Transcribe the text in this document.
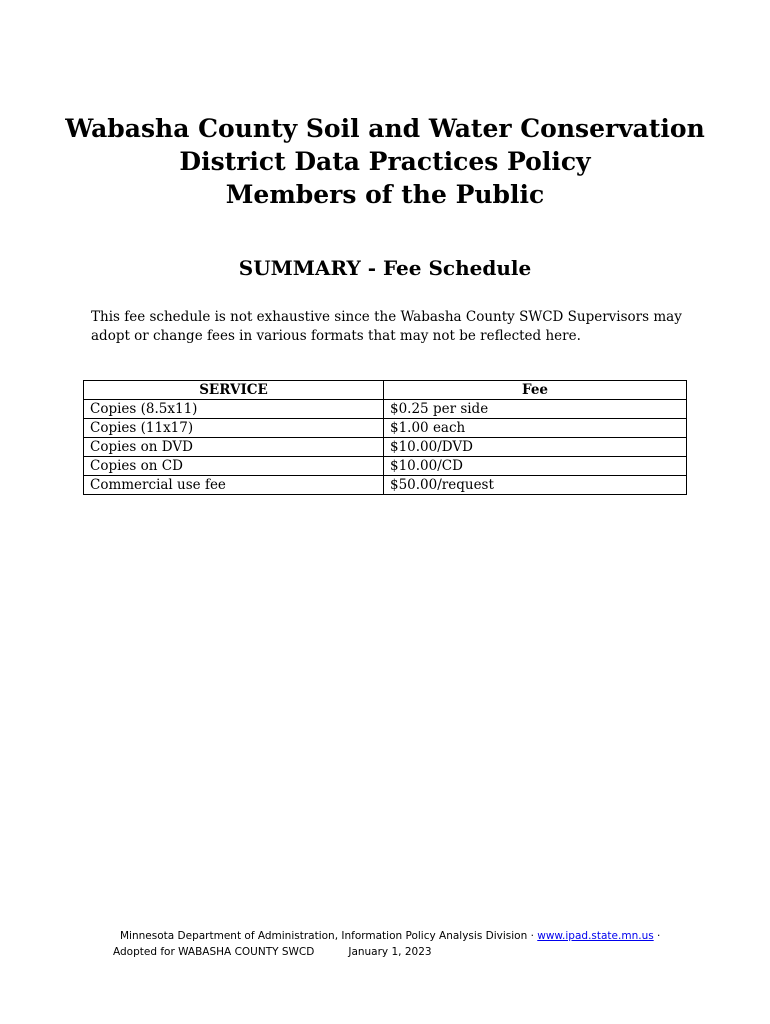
Wabasha County Soil and Water Conservation
District Data Practices Policy
Members of the Public
SUMMARY - Fee Schedule
This fee schedule is not exhaustive since the Wabasha County SWCD Supervisors may
adopt or change fees in various formats that may not be reflected here.
SERVICE	Fee
Copies (8.5x11)	$0.25 per side
Copies (11x17)	$1.00 each
Copies on DVD	$10.00/DVD
Copies on CD	$10.00/CD
Commercial use fee	$50.00/request
Minnesota Department of Administration, Information Policy Analysis Division · www.ipad.state.mn.us ·
Adopted for WABASHA COUNTY SWCD	January 1, 2023
